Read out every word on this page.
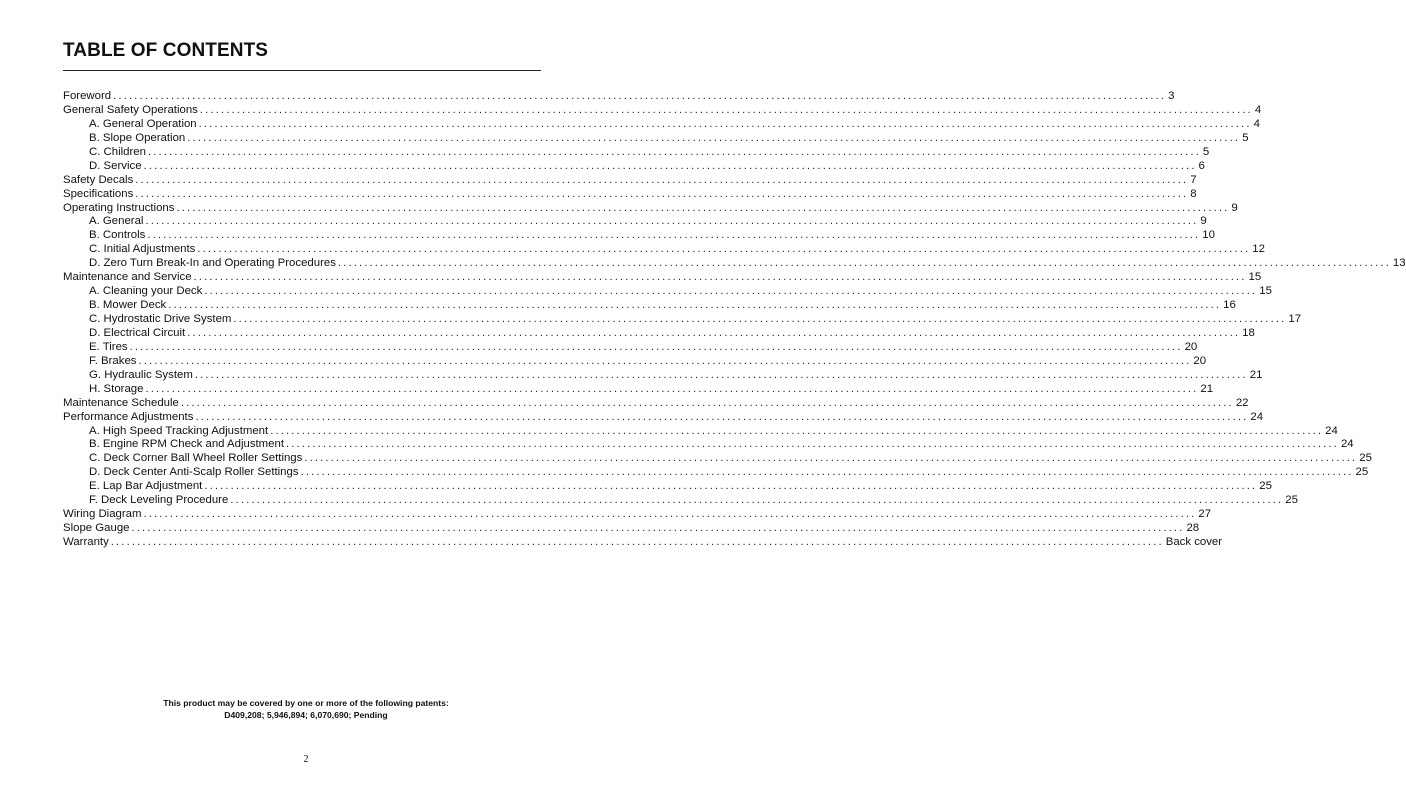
TABLE OF CONTENTS
Foreword ........................................................................................................................................................................................................ 3
General Safety Operations ........................................................................................................................................................................................................ 4
A. General Operation ........................................................................................................................................................................................................ 4
B. Slope Operation ........................................................................................................................................................................................................ 5
C. Children ........................................................................................................................................................................................................ 5
D. Service ........................................................................................................................................................................................................ 6
Safety Decals ........................................................................................................................................................................................................ 7
Specifications ........................................................................................................................................................................................................ 8
Operating Instructions ........................................................................................................................................................................................................ 9
A. General ........................................................................................................................................................................................................ 9
B. Controls ........................................................................................................................................................................................................ 10
C. Initial Adjustments ........................................................................................................................................................................................................ 12
D. Zero Turn Break-In and Operating Procedures ........................................................................................................................................................................................................ 13
Maintenance and Service ........................................................................................................................................................................................................ 15
A. Cleaning your Deck ........................................................................................................................................................................................................ 15
B. Mower Deck ........................................................................................................................................................................................................ 16
C. Hydrostatic Drive System ........................................................................................................................................................................................................ 17
D. Electrical Circuit ........................................................................................................................................................................................................ 18
E. Tires ........................................................................................................................................................................................................ 20
F. Brakes ........................................................................................................................................................................................................ 20
G. Hydraulic System ........................................................................................................................................................................................................ 21
H. Storage ........................................................................................................................................................................................................ 21
Maintenance Schedule ........................................................................................................................................................................................................ 22
Performance Adjustments ........................................................................................................................................................................................................ 24
A. High Speed Tracking Adjustment ........................................................................................................................................................................................................ 24
B. Engine RPM Check and Adjustment ........................................................................................................................................................................................................ 24
C. Deck Corner Ball Wheel Roller Settings ........................................................................................................................................................................................................ 25
D. Deck Center Anti-Scalp Roller Settings ........................................................................................................................................................................................................ 25
E. Lap Bar Adjustment ........................................................................................................................................................................................................ 25
F. Deck Leveling Procedure ........................................................................................................................................................................................................ 25
Wiring Diagram ........................................................................................................................................................................................................ 27
Slope Gauge ........................................................................................................................................................................................................ 28
Warranty ........................................................................................................................................................................................................ Back cover
This product may be covered by one or more of the following patents:
D409,208; 5,946,894; 6,070,690; Pending
2
